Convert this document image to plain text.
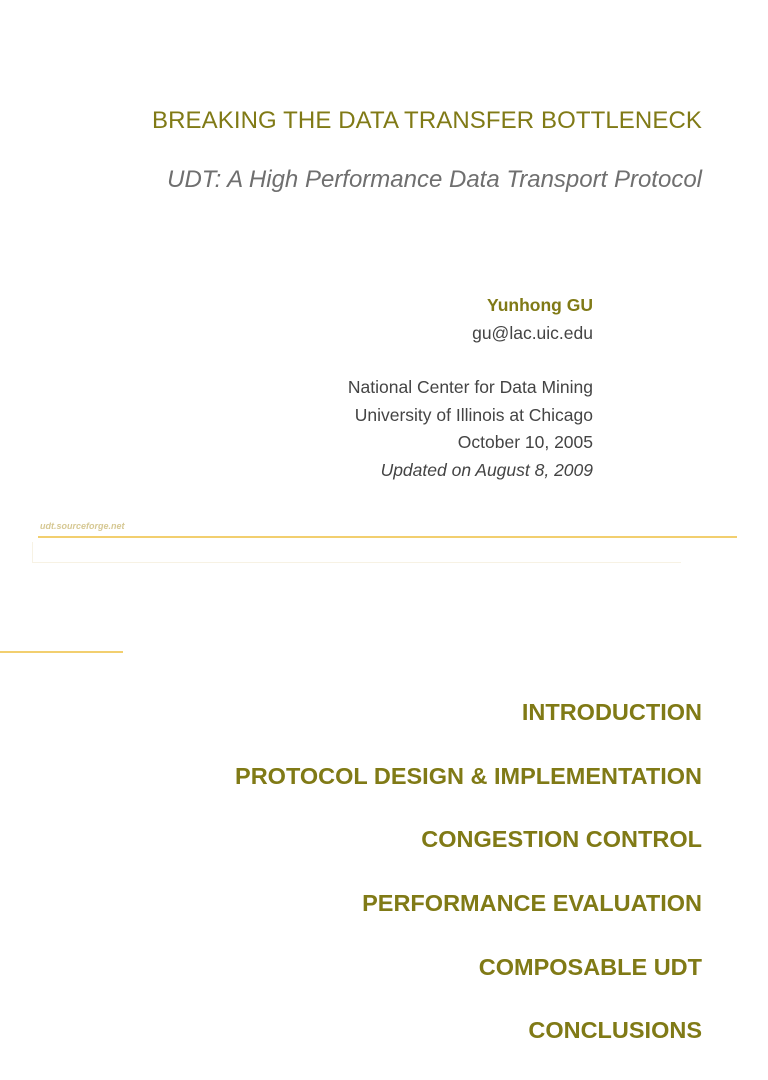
BREAKING THE DATA TRANSFER BOTTLENECK
UDT: A High Performance Data Transport Protocol
Yunhong GU
gu@lac.uic.edu
National Center for Data Mining
University of Illinois at Chicago
October 10, 2005
Updated on August 8, 2009
udt.sourceforge.net
INTRODUCTION
PROTOCOL DESIGN & IMPLEMENTATION
CONGESTION CONTROL
PERFORMANCE EVALUATION
COMPOSABLE UDT
CONCLUSIONS
